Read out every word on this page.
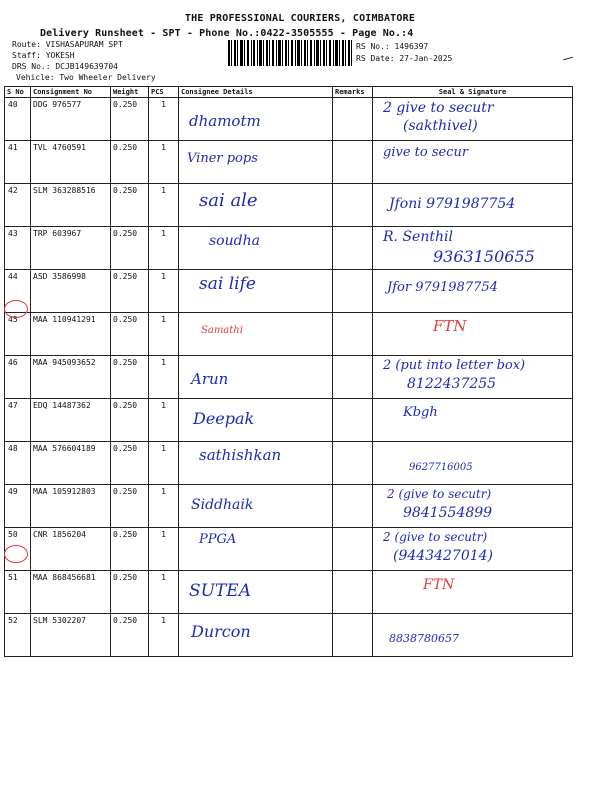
THE PROFESSIONAL COURIERS, COIMBATORE
Delivery Runsheet - SPT - Phone No.:0422-3505555 - Page No.:4
Route: VISHASAPURAM SPT
Staff: YOKESH
DRS No.: DCJB149639704
Vehicle: Two Wheeler Delivery
RS No.: 1496397
RS Date: 27-Jan-2025
S No	Consignment No	Weight	PCS	Consignee Details	Remarks	Seal & Signature
40	DDG 976577	0.250	1	dhamotm		2 give to secutr
(sakthivel)

41	TVL 4760591	0.250	1	Viner pops		give to secur

42	SLM 363288516	0.250	1	sai ale		Jfoni 9791987754

43	TRP 603967	0.250	1	soudha		R. Senthil
9363150655

44	ASD 3586998	0.250	1	sai life		Jfor 9791987754

45	MAA 110941291	0.250	1	Samathi		FTN

46	MAA 945093652	0.250	1	Arun		2 (put into letter box)
8122437255

47	EDQ 14487362	0.250	1	Deepak		Kbgh

48	MAA 576604189	0.250	1	sathishkan		9627716005

49	MAA 105912803	0.250	1	Siddhaik		2 (give to secutr)
9841554899

50	CNR 1856204	0.250	1	PPGA		2 (give to secutr)
(9443427014)

51	MAA 868456681	0.250	1	SUTEA		FTN

52	SLM 5302207	0.250	1	Durcon		8838780657
